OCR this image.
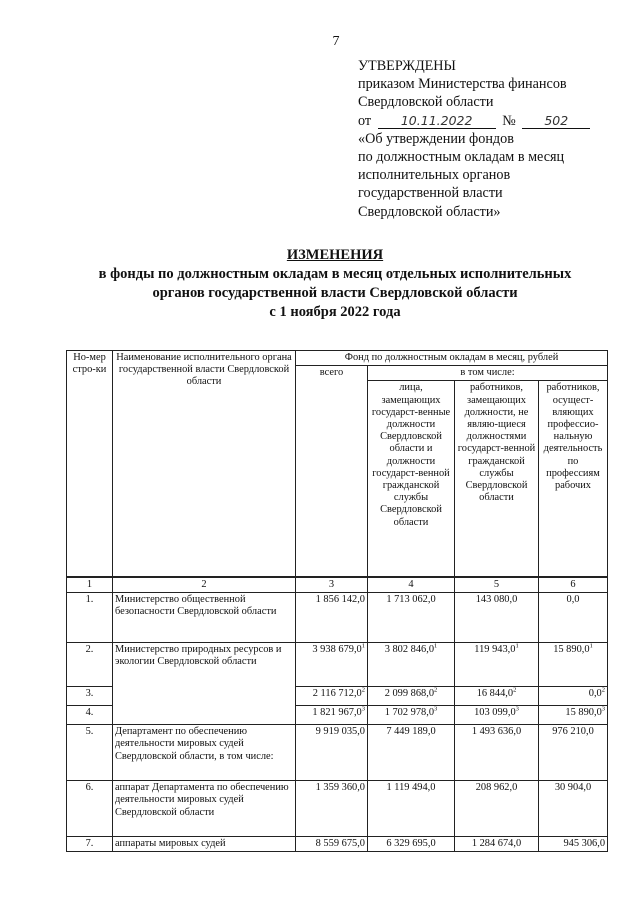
7
УТВЕРЖДЕНЫ
приказом Министерства финансов
Свердловской области
от 10.11.2022 № 502
«Об утверждении фондов
по должностным окладам в месяц
исполнительных органов
государственной власти
Свердловской области»
ИЗМЕНЕНИЯ
в фонды по должностным окладам в месяц отдельных исполнительных
органов государственной власти Свердловской области
с 1 ноября 2022 года
Но-мер стро-ки	Наименование исполнительного органа государственной власти Свердловской области	Фонд по должностным окладам в месяц, рублей			
		всего	в том числе:		
			лица, замещающих государст-венные должности Свердловской области и должности государст-венной гражданской службы Свердловской области	работников, замещающих должности, не являю-щиеся должностями государст-венной гражданской службы Свердловской области	работников, осущест-вляющих профессио-нальную деятельность по профессиям рабочих
1	2	3	4	5	6
1.	Министерство общественной безопасности Свердловской области	1 856 142,0	1 713 062,0	143 080,0	0,0
2.	Министерство природных ресурсов и экологии Свердловской области	3 938 679,0$^1$	3 802 846,0$^1$	119 943,0$^1$	15 890,0$^1$
3.		2 116 712,0$^2$	2 099 868,0$^2$	16 844,0$^2$	$0,0^2$
4.		1 821 967,0$^3$	1 702 978,0$^3$	103 099,0$^3$	15 890,0$^3$
5.	Департамент по обеспечению деятельности мировых судей Свердловской области, в том числе:	9 919 035,0	7 449 189,0	1 493 636,0	976 210,0
6.	аппарат Департамента по обеспечению деятельности мировых судей Свердловской области	1 359 360,0	1 119 494,0	208 962,0	30 904,0
7.	аппараты мировых судей	8 559 675,0	6 329 695,0	1 284 674,0	945 306,0
